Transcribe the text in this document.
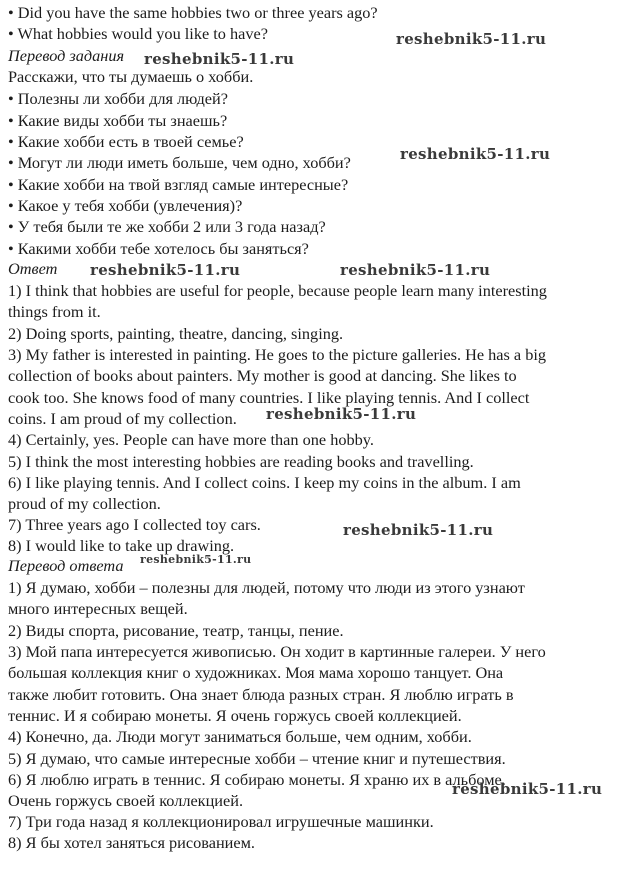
• Did you have the same hobbies two or three years ago?
• What hobbies would you like to have?
Перевод задания
Расскажи, что ты думаешь о хобби.
• Полезны ли хобби для людей?
• Какие виды хобби ты знаешь?
• Какие хобби есть в твоей семье?
• Могут ли люди иметь больше, чем одно, хобби?
• Какие хобби на твой взгляд самые интересные?
• Какое у тебя хобби (увлечения)?
• У тебя были те же хобби 2 или 3 года назад?
• Какими хобби тебе хотелось бы заняться?
Ответ
1) I think that hobbies are useful for people, because people learn many interesting
things from it.
2) Doing sports, painting, theatre, dancing, singing.
3) My father is interested in painting. He goes to the picture galleries. He has a big
collection of books about painters. My mother is good at dancing. She likes to
cook too. She knows food of many countries. I like playing tennis. And I collect
coins. I am proud of my collection.
4) Certainly, yes. People can have more than one hobby.
5) I think the most interesting hobbies are reading books and travelling.
6) I like playing tennis. And I collect coins. I keep my coins in the album. I am
proud of my collection.
7) Three years ago I collected toy cars.
8) I would like to take up drawing.
Перевод ответа
1) Я думаю, хобби – полезны для людей, потому что люди из этого узнают
много интересных вещей.
2) Виды спорта, рисование, театр, танцы, пение.
3) Мой папа интересуется живописью. Он ходит в картинные галереи. У него
большая коллекция книг о художниках. Моя мама хорошо танцует. Она
также любит готовить. Она знает блюда разных стран. Я люблю играть в
теннис. И я собираю монеты. Я очень горжусь своей коллекцией.
4) Конечно, да. Люди могут заниматься больше, чем одним, хобби.
5) Я думаю, что самые интересные хобби – чтение книг и путешествия.
6) Я люблю играть в теннис. Я собираю монеты. Я храню их в альбоме.
Очень горжусь своей коллекцией.
7) Три года назад я коллекционировал игрушечные машинки.
8) Я бы хотел заняться рисованием.
reshebnik5-11.ru
reshebnik5-11.ru
reshebnik5-11.ru
reshebnik5-11.ru	reshebnik5-11.ru
reshebnik5-11.ru
reshebnik5-11.ru
reshebnik5-11.ru
reshebnik5-11.ru
